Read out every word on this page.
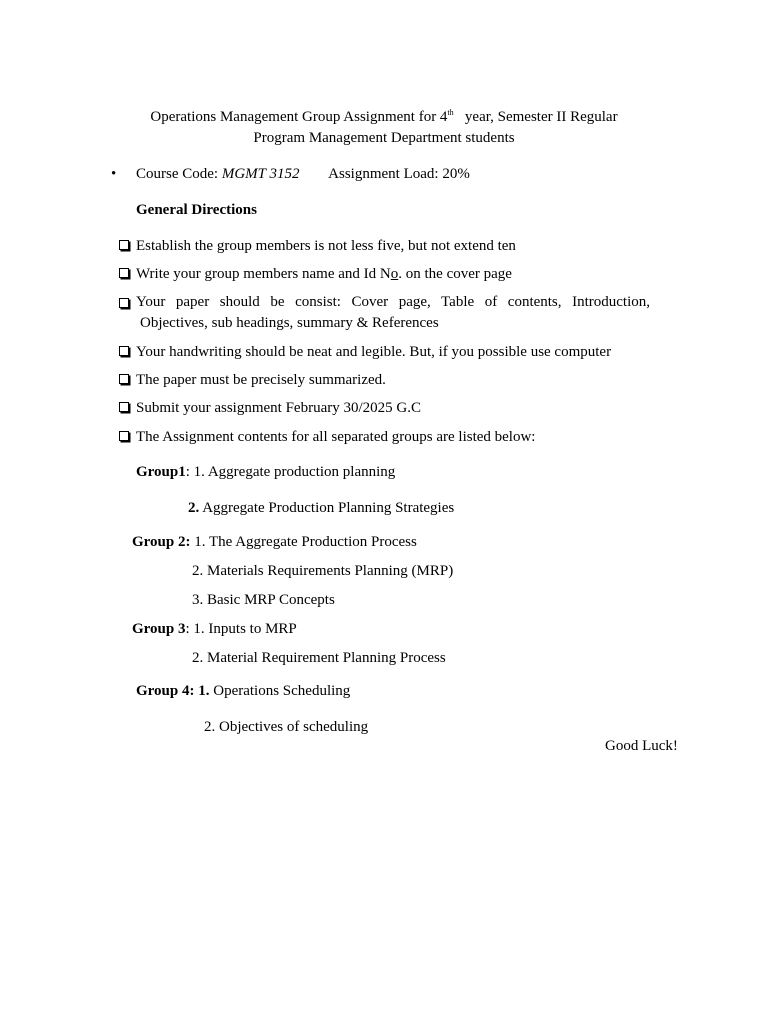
Operations Management Group Assignment for 4th year, Semester II Regular
Program Management Department students
• Course Code: MGMT 3152 Assignment Load: 20%
General Directions
Establish the group members is not less five, but not extend ten
Write your group members name and Id No. on the cover page
Your paper should be consist: Cover page, Table of contents, Introduction,
Objectives, sub headings, summary & References
Your handwriting should be neat and legible. But, if you possible use computer
The paper must be precisely summarized.
Submit your assignment February 30/2025 G.C
The Assignment contents for all separated groups are listed below:
Group1: 1. Aggregate production planning
2. Aggregate Production Planning Strategies
Group 2: 1. The Aggregate Production Process
2. Materials Requirements Planning (MRP)
3. Basic MRP Concepts
Group 3: 1. Inputs to MRP
2. Material Requirement Planning Process
Group 4: 1. Operations Scheduling
2. Objectives of scheduling
Good Luck!
